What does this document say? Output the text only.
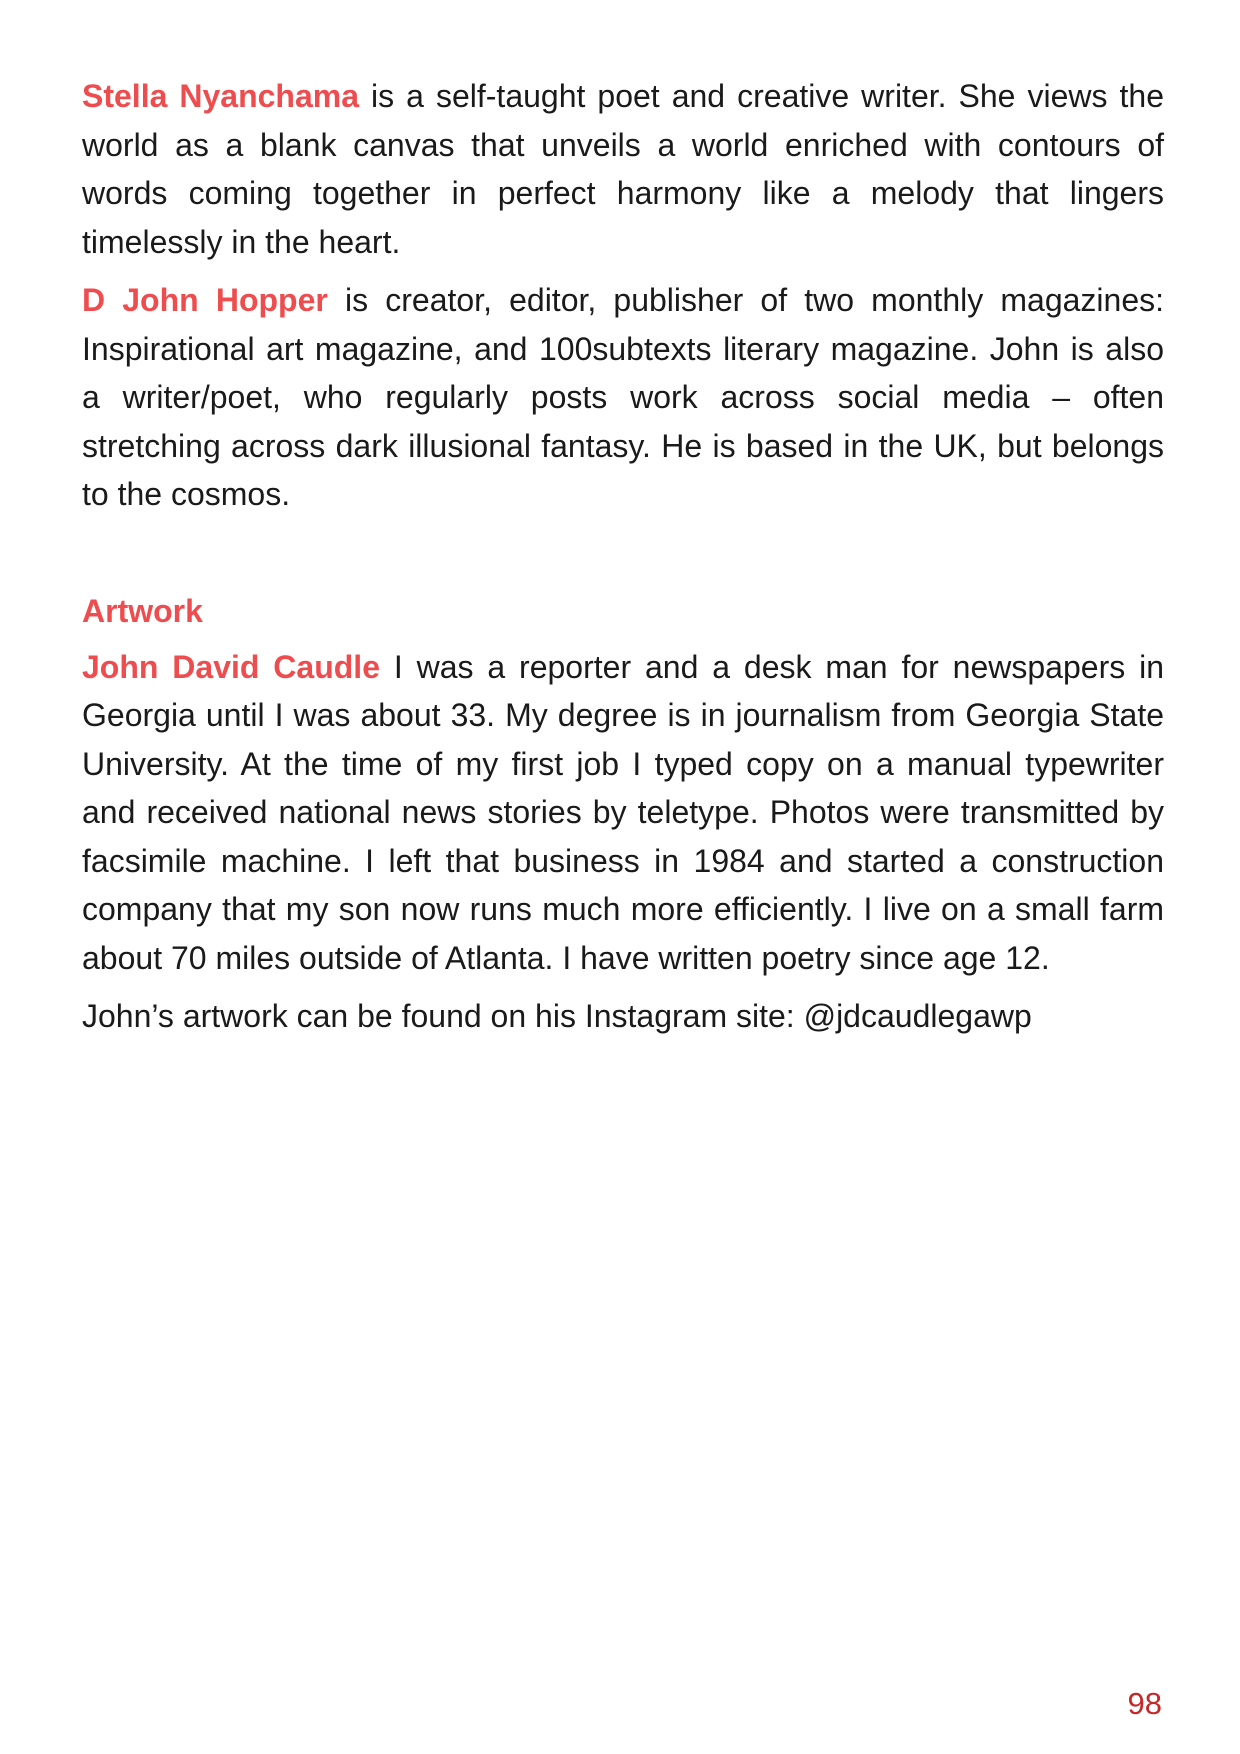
Stella Nyanchama is a self-taught poet and creative writer. She views the world as a blank canvas that unveils a world enriched with contours of words coming together in perfect harmony like a melody that lingers timelessly in the heart.

D John Hopper is creator, editor, publisher of two monthly magazines: Inspirational art magazine, and 100subtexts literary magazine. John is also a writer/poet, who regularly posts work across social media – often stretching across dark illusional fantasy. He is based in the UK, but belongs to the cosmos.

Artwork

John David Caudle I was a reporter and a desk man for newspapers in Georgia until I was about 33. My degree is in journalism from Georgia State University. At the time of my first job I typed copy on a manual typewriter and received national news stories by teletype. Photos were transmitted by facsimile machine. I left that business in 1984 and started a construction company that my son now runs much more efficiently. I live on a small farm about 70 miles outside of Atlanta. I have written poetry since age 12.

John’s artwork can be found on his Instagram site: @jdcaudlegawp

98
